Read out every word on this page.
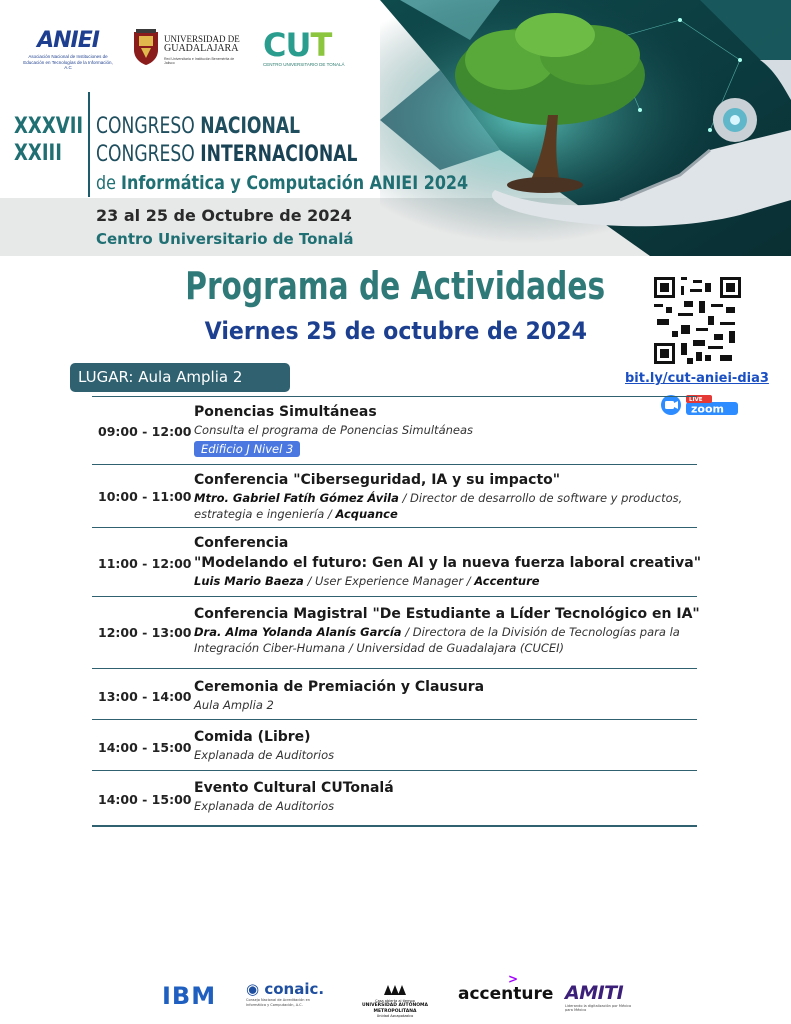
ANIEI
Asociación Nacional de Instituciones de Educación en Tecnologías de la Información, A.C
UNIVERSIDAD DE
GUADALAJARA
Red Universitaria e Institución Benemérita de Jalisco	CUT
CENTRO UNIVERSITARIO DE TONALÁ
XXXVII
XXIII
CONGRESO NACIONAL
CONGRESO INTERNACIONAL
de Informática y Computación ANIEI 2024
23 al 25 de Octubre de 2024
Centro Universitario de Tonalá
Programa de Actividades
Viernes 25 de octubre de 2024
bit.ly/cut-aniei-dia3
LIVE
zoom
LUGAR: Aula Amplia 2
09:00 - 12:00
Ponencias Simultáneas
Consulta el programa de Ponencias Simultáneas
Edificio J Nivel 3
10:00 - 11:00
Conferencia "Ciberseguridad, IA y su impacto"
Mtro. Gabriel Fatíh Gómez Ávila / Director de desarrollo de software y productos, estrategia e ingeniería / Acquance
11:00 - 12:00
Conferencia
"Modelando el futuro: Gen AI y la nueva fuerza laboral creativa"
Luis Mario Baeza / User Experience Manager / Accenture
12:00 - 13:00
Conferencia Magistral "De Estudiante a Líder Tecnológico en IA"
Dra. Alma Yolanda Alanís García / Directora de la División de Tecnologías para la Integración Ciber-Humana / Universidad de Guadalajara (CUCEI)
13:00 - 14:00
Ceremonia de Premiación y Clausura
Aula Amplia 2
14:00 - 15:00
Comida (Libre)
Explanada de Auditorios
14:00 - 15:00
Evento Cultural CUTonalá
Explanada de Auditorios
IBM ◉ conaic.
Consejo Nacional de Acreditación en Informática y Computación, A.C.
Casa abierta al tiempo
UNIVERSIDAD AUTÓNOMA METROPOLITANA
Unidad Azcapotzalco
>
accenture AMITI
Liderando la digitalización por México para México
